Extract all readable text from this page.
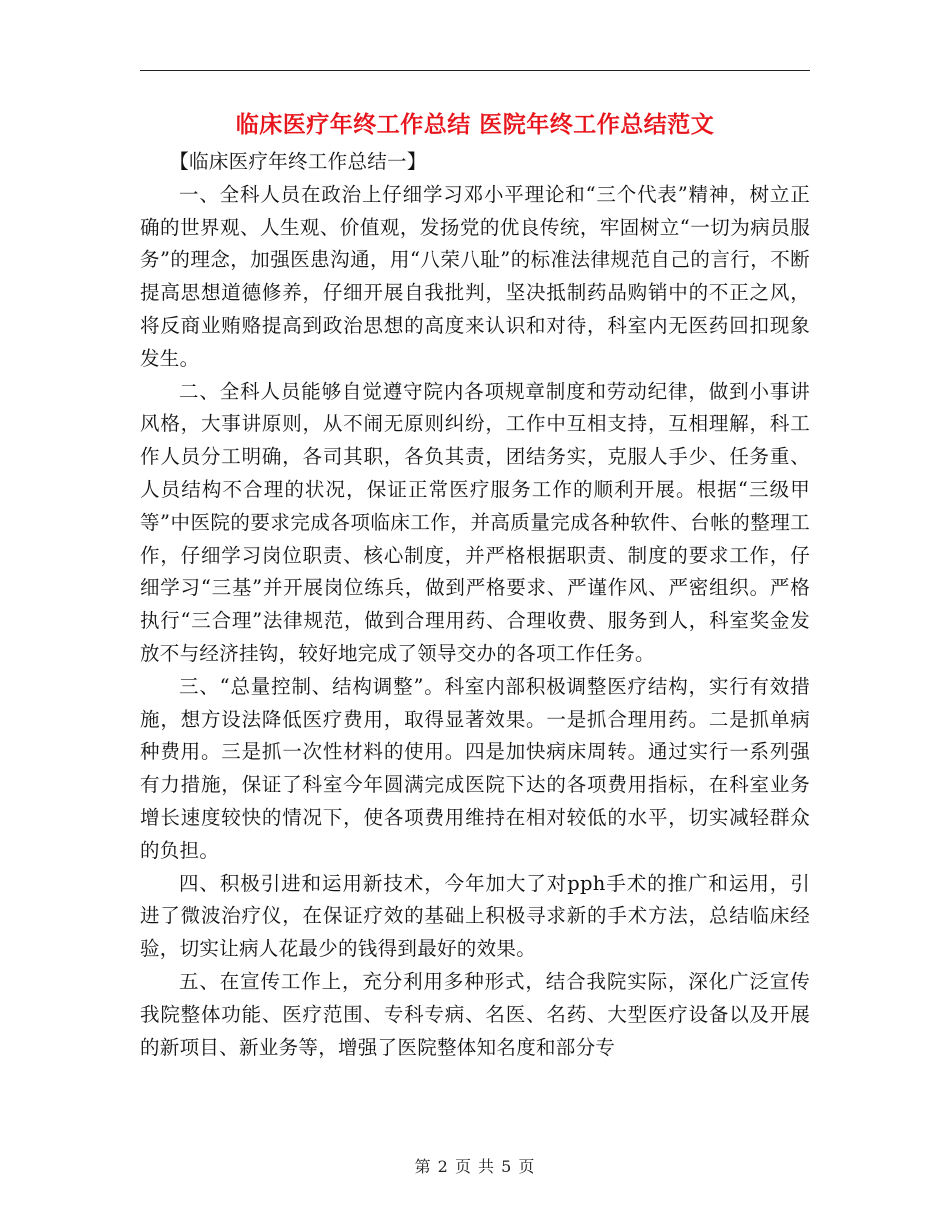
临床医疗年终工作总结 医院年终工作总结范文

【临床医疗年终工作总结一】

一、全科人员在政治上仔细学习邓小平理论和“三个代表”精神，树立正确的世界观、人生观、价值观，发扬党的优良传统，牢固树立“一切为病员服务”的理念，加强医患沟通，用“八荣八耻”的标准法律规范自己的言行，不断提高思想道德修养，仔细开展自我批判，坚决抵制药品购销中的不正之风，将反商业贿赂提高到政治思想的高度来认识和对待，科室内无医药回扣现象发生。

二、全科人员能够自觉遵守院内各项规章制度和劳动纪律，做到小事讲风格，大事讲原则，从不闹无原则纠纷，工作中互相支持，互相理解，科工作人员分工明确，各司其职，各负其责，团结务实，克服人手少、任务重、人员结构不合理的状况，保证正常医疗服务工作的顺利开展。根据“三级甲等”中医院的要求完成各项临床工作，并高质量完成各种软件、台帐的整理工作，仔细学习岗位职责、核心制度，并严格根据职责、制度的要求工作，仔细学习“三基”并开展岗位练兵，做到严格要求、严谨作风、严密组织。严格执行“三合理”法律规范，做到合理用药、合理收费、服务到人，科室奖金发放不与经济挂钩，较好地完成了领导交办的各项工作任务。

三、“总量控制、结构调整”。科室内部积极调整医疗结构，实行有效措施，想方设法降低医疗费用，取得显著效果。一是抓合理用药。二是抓单病种费用。三是抓一次性材料的使用。四是加快病床周转。通过实行一系列强有力措施，保证了科室今年圆满完成医院下达的各项费用指标，在科室业务增长速度较快的情况下，使各项费用维持在相对较低的水平，切实减轻群众的负担。

四、积极引进和运用新技术，今年加大了对pph手术的推广和运用，引进了微波治疗仪，在保证疗效的基础上积极寻求新的手术方法，总结临床经验，切实让病人花最少的钱得到最好的效果。

五、在宣传工作上，充分利用多种形式，结合我院实际，深化广泛宣传我院整体功能、医疗范围、专科专病、名医、名药、大型医疗设备以及开展的新项目、新业务等，增强了医院整体知名度和部分专

第 2 页 共 5 页
